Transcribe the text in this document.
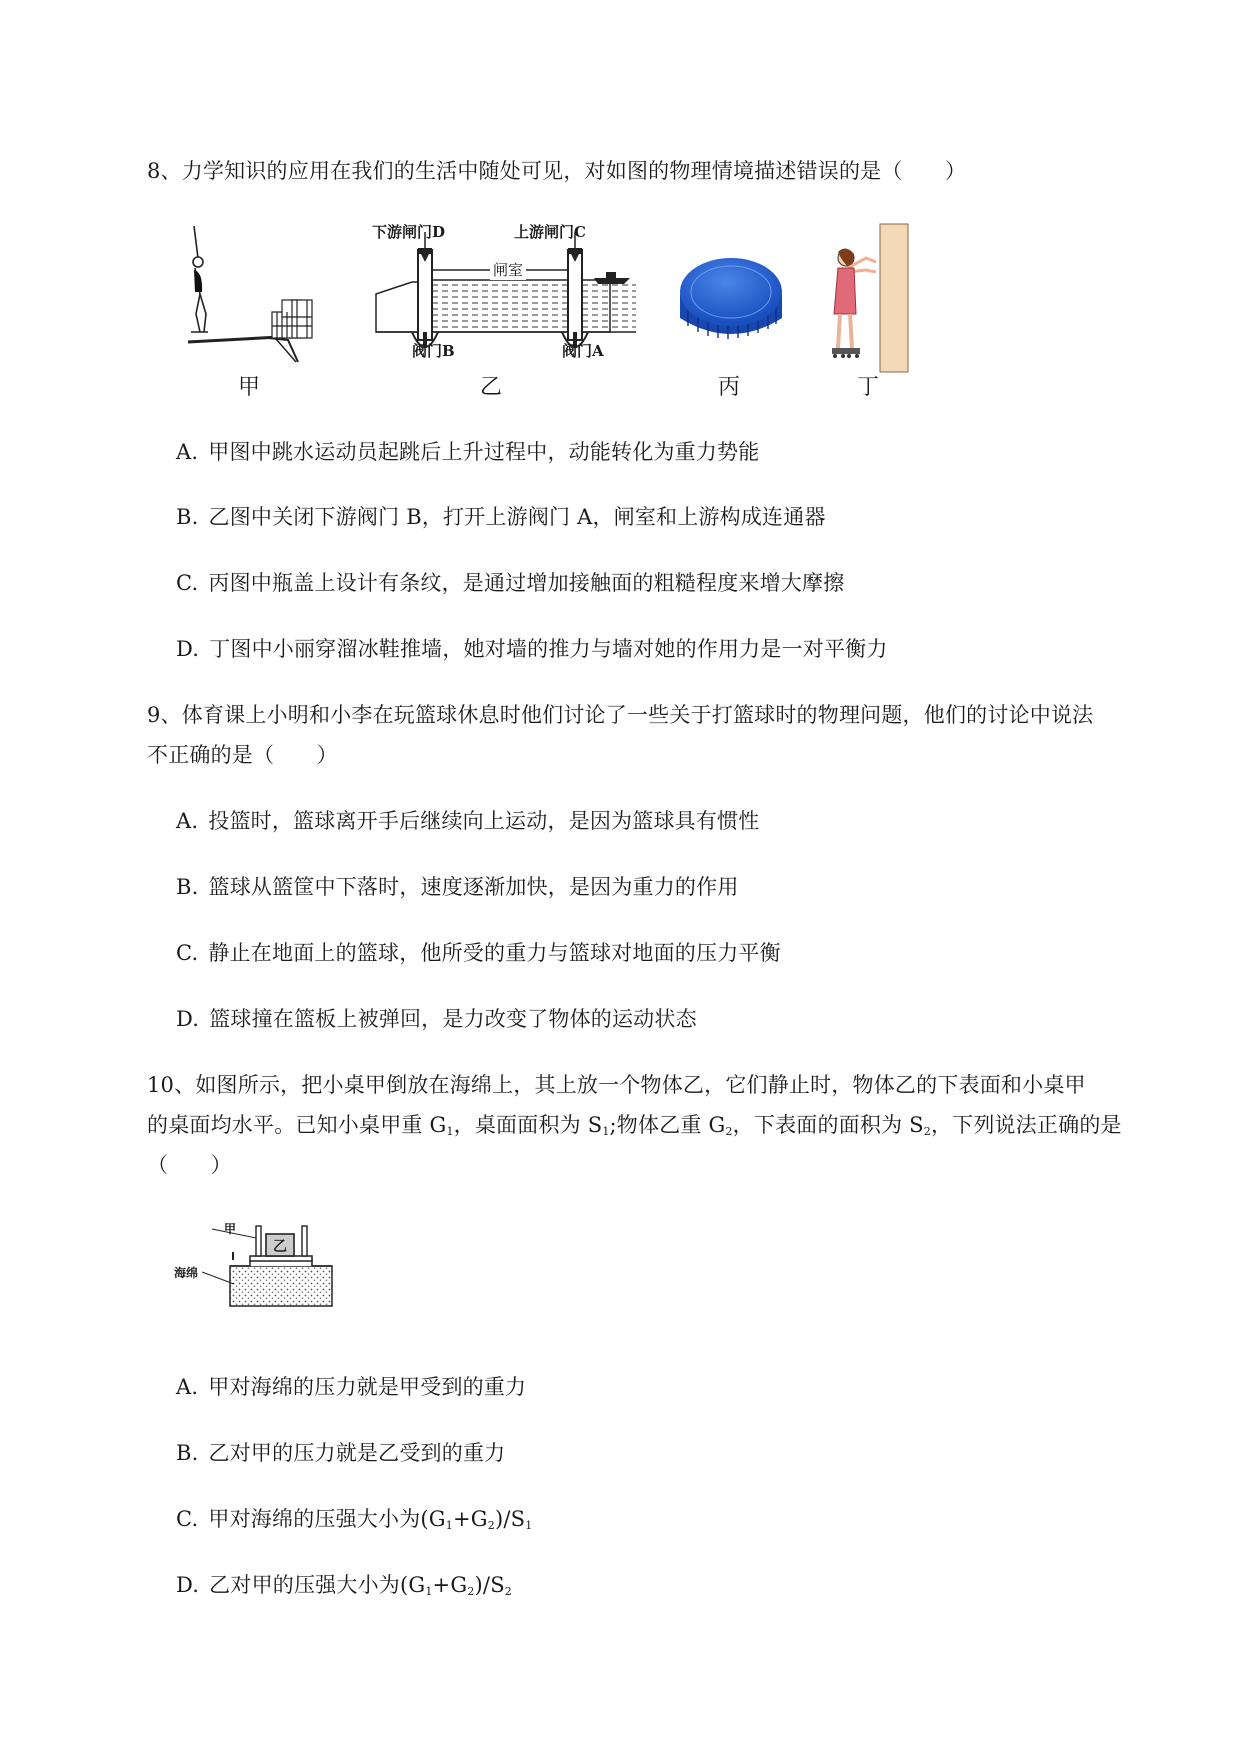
8、力学知识的应用在我们的生活中随处可见，对如图的物理情境描述错误的是（　　）
甲
下游闸门D	上游闸门C
闸室
阀门B	阀门A
乙	丙	丁
A. 甲图中跳水运动员起跳后上升过程中，动能转化为重力势能
B. 乙图中关闭下游阀门 B，打开上游阀门 A，闸室和上游构成连通器
C. 丙图中瓶盖上设计有条纹，是通过增加接触面的粗糙程度来增大摩擦
D. 丁图中小丽穿溜冰鞋推墙，她对墙的推力与墙对她的作用力是一对平衡力
9、体育课上小明和小李在玩篮球休息时他们讨论了一些关于打篮球时的物理问题，他们的讨论中说法
不正确的是（　　）
A. 投篮时，篮球离开手后继续向上运动，是因为篮球具有惯性
B. 篮球从篮筐中下落时，速度逐渐加快，是因为重力的作用
C. 静止在地面上的篮球，他所受的重力与篮球对地面的压力平衡
D. 篮球撞在篮板上被弹回，是力改变了物体的运动状态
10、如图所示，把小桌甲倒放在海绵上，其上放一个物体乙，它们静止时，物体乙的下表面和小桌甲
的桌面均水平。已知小桌甲重 $G_1$，桌面面积为 $S_1$;物体乙重 $G_2$，下表面的面积为 $S_2$，下列说法正确的是
（　　）
甲
乙
海绵
A. 甲对海绵的压力就是甲受到的重力
B. 乙对甲的压力就是乙受到的重力
C. 甲对海绵的压强大小为$(G_1+G_2)/S_1$
D. 乙对甲的压强大小为$(G_1+G_2)/S_2$
